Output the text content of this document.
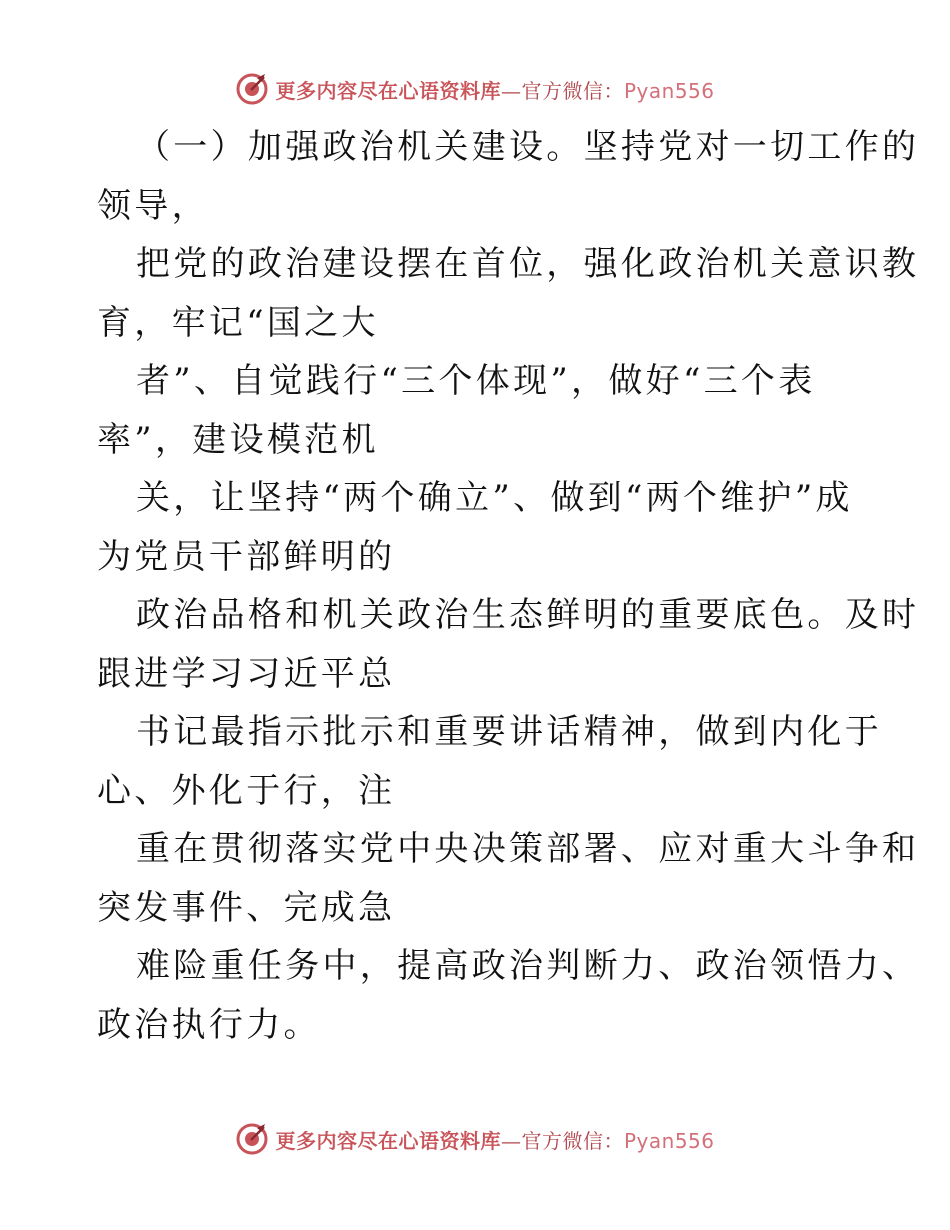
更多内容尽在心语资料库—官方微信：Pyan556
（一）加强政治机关建设。坚持党对一切工作的
领导，
把党的政治建设摆在首位，强化政治机关意识教
育，牢记“国之大
者”、自觉践行“三个体现”，做好“三个表
率”，建设模范机
关，让坚持“两个确立”、做到“两个维护”成
为党员干部鲜明的
政治品格和机关政治生态鲜明的重要底色。及时
跟进学习习近平总
书记最指示批示和重要讲话精神，做到内化于
心、外化于行，注
重在贯彻落实党中央决策部署、应对重大斗争和
突发事件、完成急
难险重任务中，提高政治判断力、政治领悟力、
政治执行力。
更多内容尽在心语资料库—官方微信：Pyan556
